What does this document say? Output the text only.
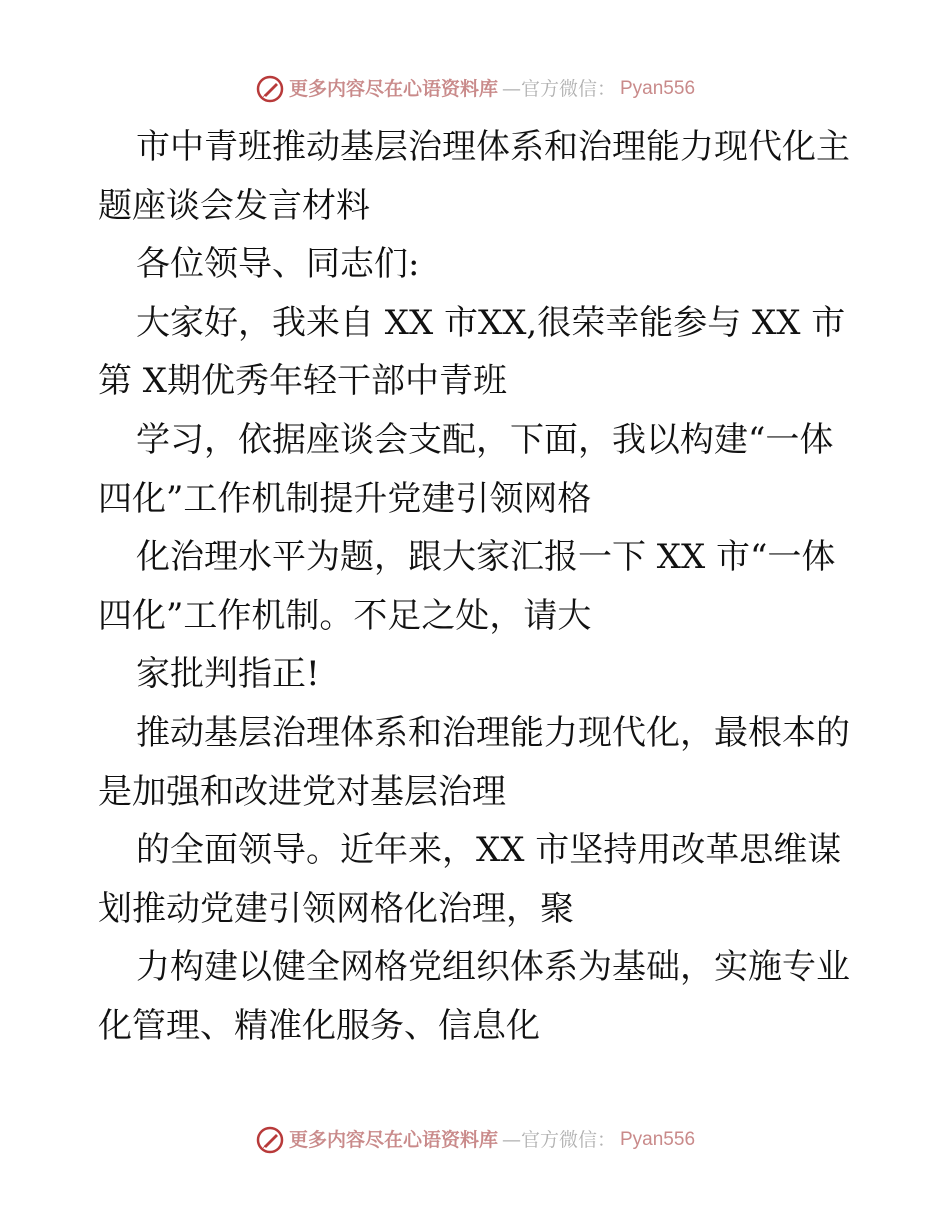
更多内容尽在心语资料库 —官方微信： Pyan556

市中青班推动基层治理体系和治理能力现代化主题座谈会发言材料

各位领导、同志们:

大家好，我来自 XX 市XX,很荣幸能参与 XX 市第 X期优秀年轻干部中青班

学习，依据座谈会支配，下面，我以构建“一体四化”工作机制提升党建引领网格

化治理水平为题，跟大家汇报一下 XX 市“一体四化”工作机制。不足之处，请大

家批判指正!

推动基层治理体系和治理能力现代化，最根本的是加强和改进党对基层治理

的全面领导。近年来，XX 市坚持用改革思维谋划推动党建引领网格化治理，聚

力构建以健全网格党组织体系为基础，实施专业化管理、精准化服务、信息化

更多内容尽在心语资料库 —官方微信： Pyan556
